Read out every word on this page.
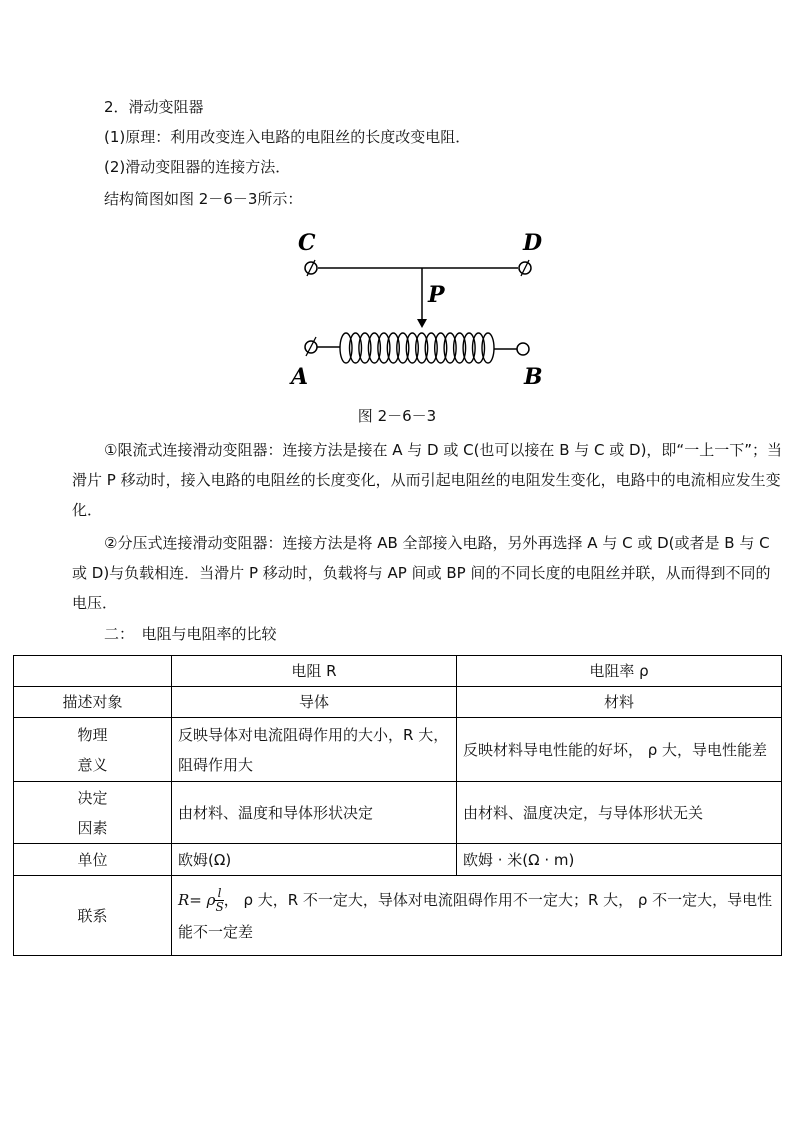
2．滑动变阻器

(1)原理：利用改变连入电路的电阻丝的长度改变电阻．

(2)滑动变阻器的连接方法．

结构简图如图 2－6－3所示：

C	D
P
A	B
图 2－6－3

①限流式连接滑动变阻器：连接方法是接在 A 与 D 或 C(也可以接在 B 与 C 或 D)，即“一上一下”；当滑片 P 移动时，接入电路的电阻丝的长度变化，从而引起电阻丝的电阻发生变化，电路中的电流相应发生变化．

②分压式连接滑动变阻器：连接方法是将 AB 全部接入电路，另外再选择 A 与 C 或 D(或者是 B 与 C 或 D)与负载相连．当滑片 P 移动时，负载将与 AP 间或 BP 间的不同长度的电阻丝并联，从而得到不同的电压．

二：　电阻与电阻率的比较
	电阻 R	电阻率 ρ
描述对象	导体	材料
物理意义	反映导体对电流阻碍作用的大小，R 大，阻碍作用大	反映材料导电性能的好坏， ρ 大，导电性能差
决定因素	由材料、温度和导体形状决定	由材料、温度决定，与导体形状无关
单位	欧姆(Ω)	欧姆 · 米(Ω · m)
联系	R= ρ $\frac{l}{S}$ ， ρ 大，R 不一定大，导体对电流阻碍作用不一定大；R 大， ρ 不一定大，导电性能不一定差	
